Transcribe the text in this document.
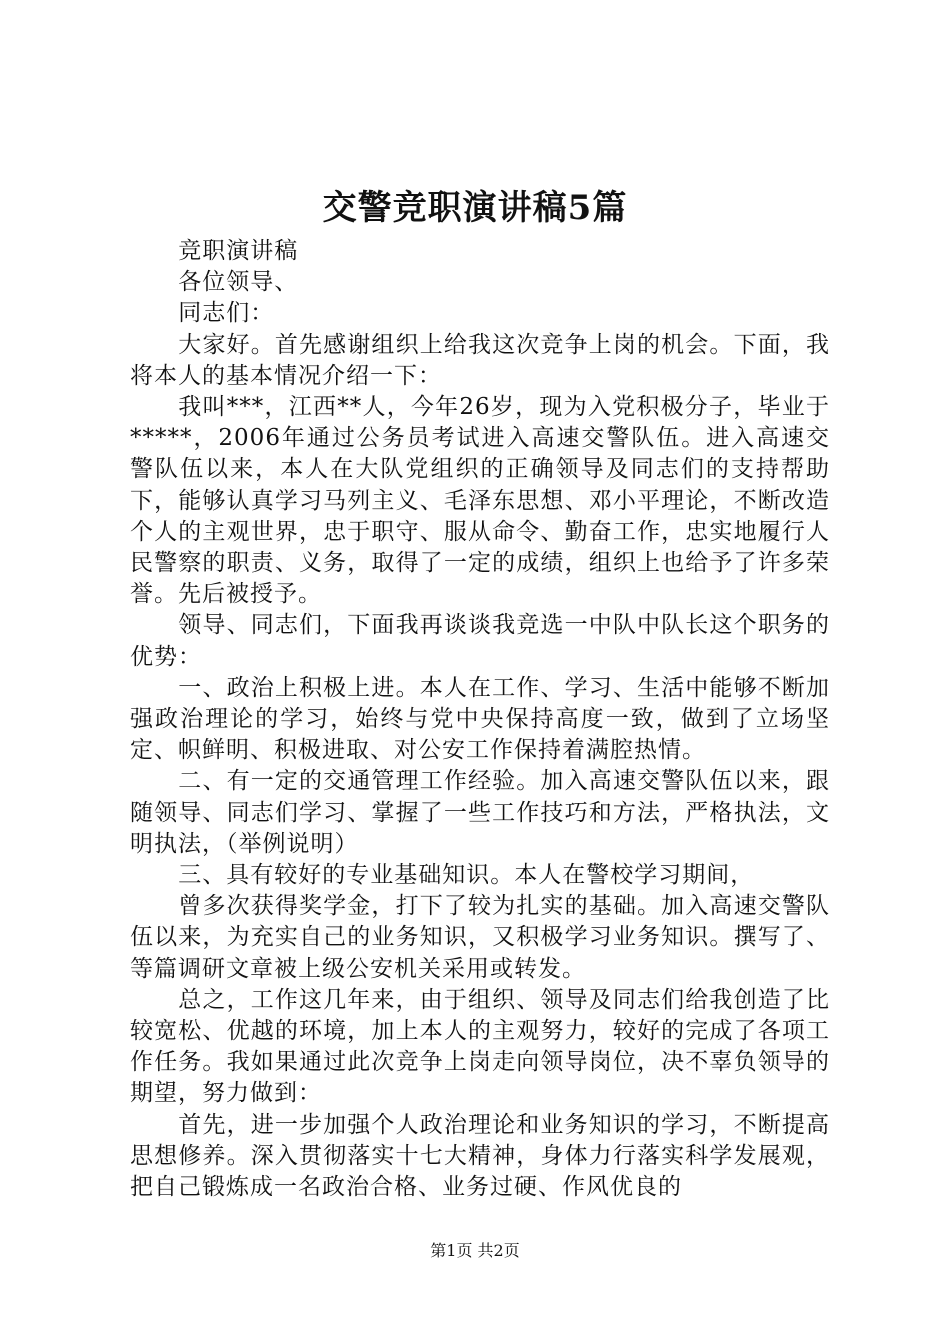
交警竞职演讲稿5篇

竞职演讲稿

各位领导、

同志们：

大家好。首先感谢组织上给我这次竞争上岗的机会。下面，我将本人的基本情况介绍一下：

我叫***，江西**人，今年26岁，现为入党积极分子，毕业于*****，2006年通过公务员考试进入高速交警队伍。进入高速交警队伍以来，本人在大队党组织的正确领导及同志们的支持帮助下，能够认真学习马列主义、毛泽东思想、邓小平理论，不断改造个人的主观世界，忠于职守、服从命令、勤奋工作，忠实地履行人民警察的职责、义务，取得了一定的成绩，组织上也给予了许多荣誉。先后被授予。

领导、同志们，下面我再谈谈我竞选一中队中队长这个职务的优势：

一、政治上积极上进。本人在工作、学习、生活中能够不断加强政治理论的学习，始终与党中央保持高度一致，做到了立场坚定、帜鲜明、积极进取、对公安工作保持着满腔热情。

二、有一定的交通管理工作经验。加入高速交警队伍以来，跟随领导、同志们学习、掌握了一些工作技巧和方法，严格执法，文明执法，（举例说明）

三、具有较好的专业基础知识。本人在警校学习期间，

曾多次获得奖学金，打下了较为扎实的基础。加入高速交警队伍以来，为充实自己的业务知识，又积极学习业务知识。撰写了、等篇调研文章被上级公安机关采用或转发。

总之，工作这几年来，由于组织、领导及同志们给我创造了比较宽松、优越的环境，加上本人的主观努力，较好的完成了各项工作任务。我如果通过此次竞争上岗走向领导岗位，决不辜负领导的期望，努力做到：

首先，进一步加强个人政治理论和业务知识的学习，不断提高思想修养。深入贯彻落实十七大精神，身体力行落实科学发展观，把自己锻炼成一名政治合格、业务过硬、作风优良的

第1页 共2页
